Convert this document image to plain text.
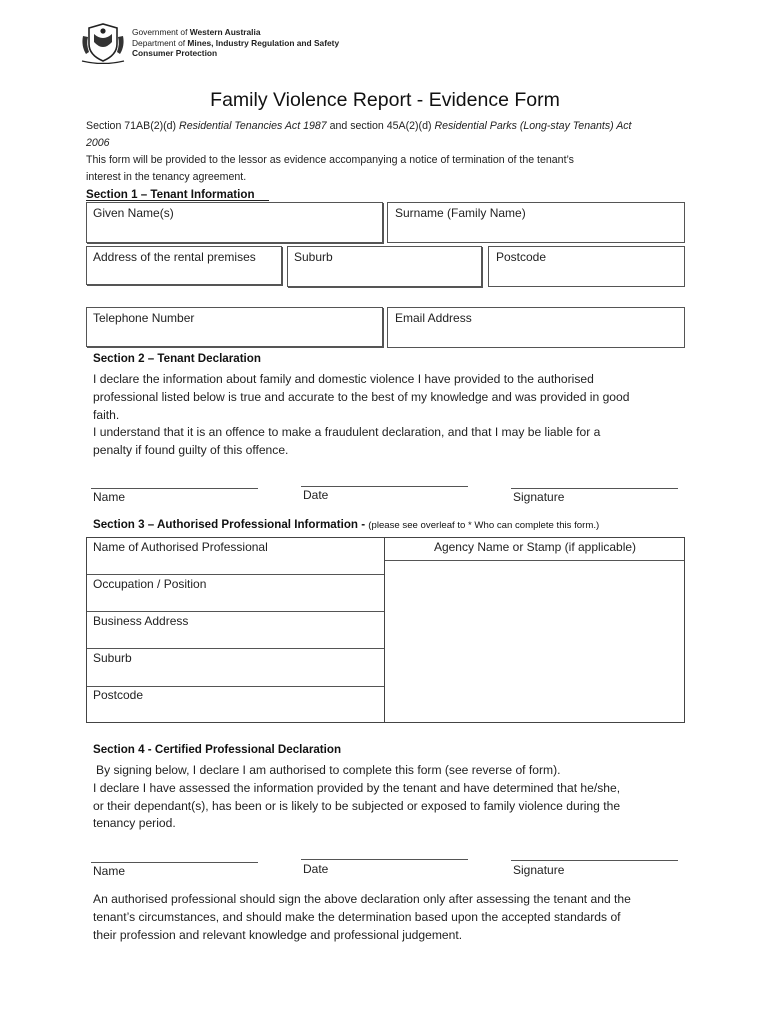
Government of Western Australia
Department of Mines, Industry Regulation and Safety
Consumer Protection
Family Violence Report - Evidence Form
Section 71AB(2)(d) Residential Tenancies Act 1987 and section 45A(2)(d) Residential Parks (Long-stay Tenants) Act
2006
This form will be provided to the lessor as evidence accompanying a notice of termination of the tenant’s
interest in the tenancy agreement.
Section 1 – Tenant Information
Given Name(s)	Surname (Family Name)
Address of the rental premises	Suburb	Postcode
Telephone Number	Email Address
Section 2 – Tenant Declaration
I declare the information about family and domestic violence I have provided to the authorised
professional listed below is true and accurate to the best of my knowledge and was provided in good
faith.
I understand that it is an offence to make a fraudulent declaration, and that I may be liable for a
penalty if found guilty of this offence.
Name	Date	Signature
Section 3 – Authorised Professional Information - (please see overleaf to * Who can complete this form.)
Name of Authorised Professional
Occupation / Position
Business Address
Suburb
Postcode
Agency Name or Stamp (if applicable)
Section 4 - Certified Professional Declaration
By signing below, I declare I am authorised to complete this form (see reverse of form).
I declare I have assessed the information provided by the tenant and have determined that he/she,
or their dependant(s), has been or is likely to be subjected or exposed to family violence during the
tenancy period.
Name	Date	Signature
An authorised professional should sign the above declaration only after assessing the tenant and the
tenant’s circumstances, and should make the determination based upon the accepted standards of
their profession and relevant knowledge and professional judgement.
